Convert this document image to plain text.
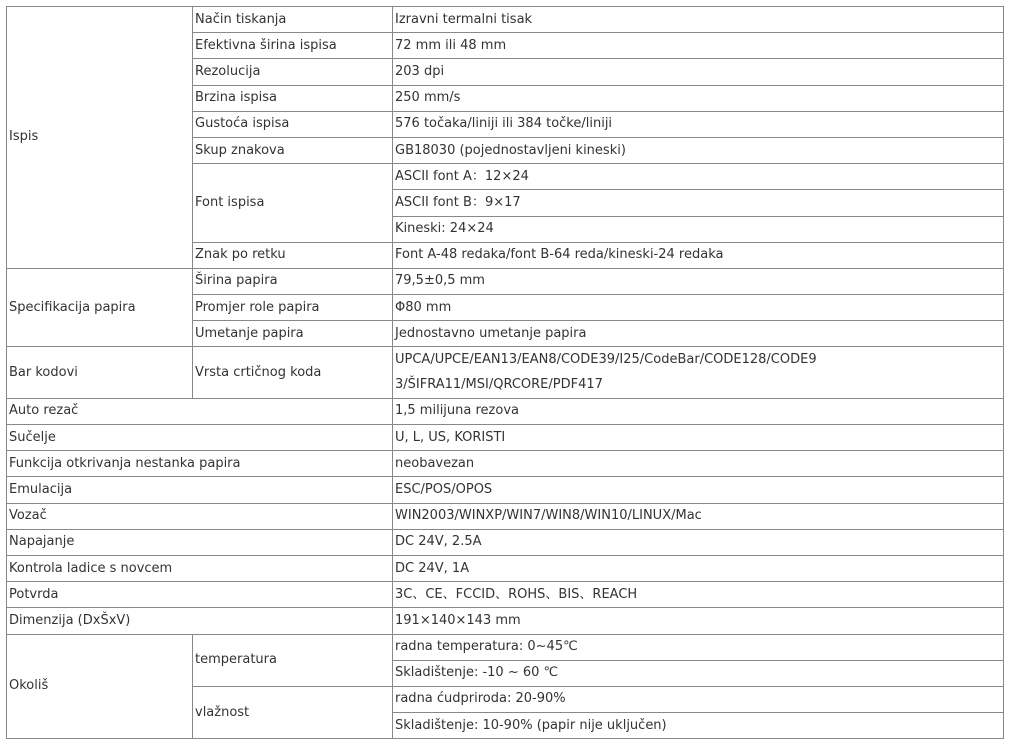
Ispis	Način tiskanja	Izravni termalni tisak
	Efektivna širina ispisa	72 mm ili 48 mm
	Rezolucija	203 dpi
	Brzina ispisa	250 mm/s
	Gustoća ispisa	576 točaka/liniji ili 384 točke/liniji
	Skup znakova	GB18030 (pojednostavljeni kineski)
	Font ispisa	ASCII font A：12×24
		ASCII font B：9×17
		Kineski: 24×24
	Znak po retku	Font A-48 redaka/font B-64 reda/kineski-24 redaka
Specifikacija papira	Širina papira	79,5±0,5 mm
	Promjer role papira	Φ80 mm
	Umetanje papira	Jednostavno umetanje papira
Bar kodovi	Vrsta crtičnog koda	UPCA/UPCE/EAN13/EAN8/CODE39/I25/CodeBar/CODE128/CODE9
		3/ŠIFRA11/MSI/QRCORE/PDF417
Auto rezač		1,5 milijuna rezova
Sučelje		U, L, US, KORISTI
Funkcija otkrivanja nestanka papira		neobavezan
Emulacija		ESC/POS/OPOS
Vozač		WIN2003/WINXP/WIN7/WIN8/WIN10/LINUX/Mac
Napajanje		DC 24V, 2.5A
Kontrola ladice s novcem		DC 24V, 1A
Potvrda		3C、CE、FCCID、ROHS、BIS、REACH
Dimenzija (DxŠxV)		191×140×143 mm
Okoliš	temperatura	radna temperatura: 0~45℃
		Skladištenje: -10 ~ 60 ℃
	vlažnost	radna ćudpriroda: 20-90%
		Skladištenje: 10-90% (papir nije uključen)
